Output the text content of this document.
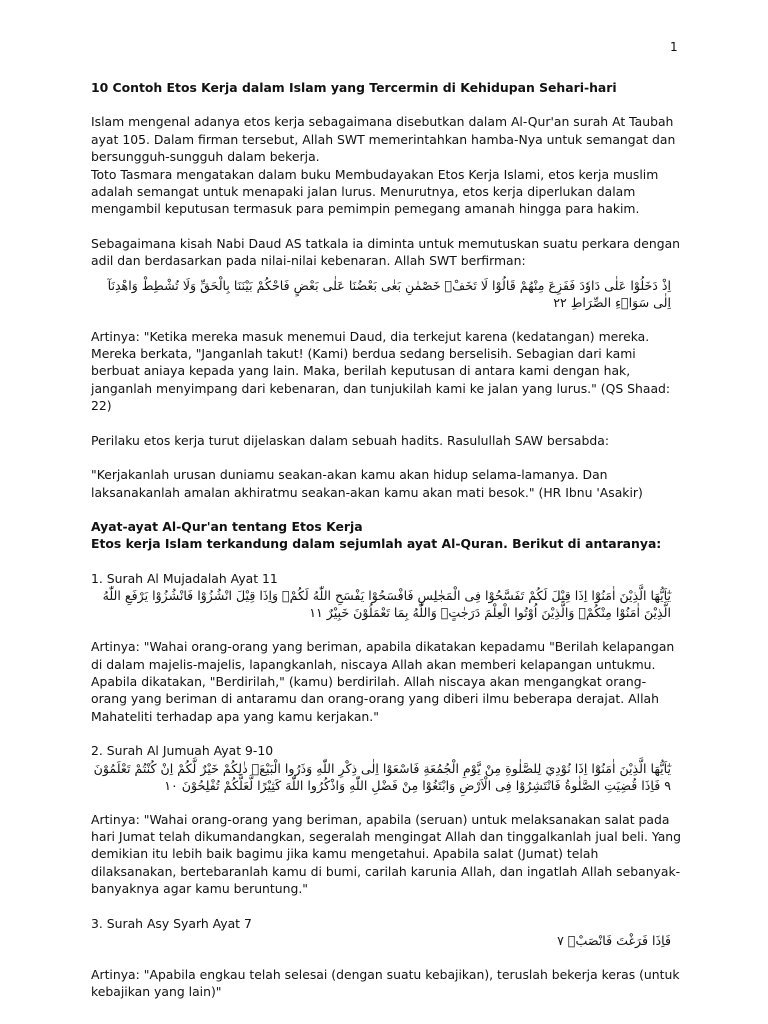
1

10 Contoh Etos Kerja dalam Islam yang Tercermin di Kehidupan Sehari-hari

Islam mengenal adanya etos kerja sebagaimana disebutkan dalam Al-Qur'an surah At Taubah ayat 105. Dalam firman tersebut, Allah SWT memerintahkan hamba-Nya untuk semangat dan bersungguh-sungguh dalam bekerja.

Toto Tasmara mengatakan dalam buku Membudayakan Etos Kerja Islami, etos kerja muslim adalah semangat untuk menapaki jalan lurus. Menurutnya, etos kerja diperlukan dalam mengambil keputusan termasuk para pemimpin pemegang amanah hingga para hakim.

Sebagaimana kisah Nabi Daud AS tatkala ia diminta untuk memutuskan suatu perkara dengan adil dan berdasarkan pada nilai-nilai kebenaran. Allah SWT berfirman:

اِذْ دَخَلُوْا عَلٰى دَاوٗدَ فَفَزِعَ مِنْهُمْ قَالُوْا لَا تَخَفْۚ خَصْمٰنِ بَغٰى بَعْضُنَا عَلٰى بَعْضٍ فَاحْكُمْ بَيْنَنَا بِالْحَقِّ وَلَا تُشْطِطْ وَاهْدِنَآ اِلٰى سَوَاۤءِ الصِّرَاطِ ٢٢

Artinya: "Ketika mereka masuk menemui Daud, dia terkejut karena (kedatangan) mereka. Mereka berkata, "Janganlah takut! (Kami) berdua sedang berselisih. Sebagian dari kami berbuat aniaya kepada yang lain. Maka, berilah keputusan di antara kami dengan hak, janganlah menyimpang dari kebenaran, dan tunjukilah kami ke jalan yang lurus." (QS Shaad: 22)

Perilaku etos kerja turut dijelaskan dalam sebuah hadits. Rasulullah SAW bersabda:

"Kerjakanlah urusan duniamu seakan-akan kamu akan hidup selama-lamanya. Dan laksanakanlah amalan akhiratmu seakan-akan kamu akan mati besok." (HR Ibnu 'Asakir)

Ayat-ayat Al-Qur'an tentang Etos Kerja

Etos kerja Islam terkandung dalam sejumlah ayat Al-Quran. Berikut di antaranya:

1. Surah Al Mujadalah Ayat 11

يٰٓاَيُّهَا الَّذِيْنَ اٰمَنُوْٓا اِذَا قِيْلَ لَكُمْ تَفَسَّحُوْا فِى الْمَجٰلِسِ فَافْسَحُوْا يَفْسَحِ اللّٰهُ لَكُمْۚ وَاِذَا قِيْلَ انْشُزُوْا فَانْشُزُوْا يَرْفَعِ اللّٰهُ الَّذِيْنَ اٰمَنُوْا مِنْكُمْۙ وَالَّذِيْنَ اُوْتُوا الْعِلْمَ دَرَجٰتٍۗ وَاللّٰهُ بِمَا تَعْمَلُوْنَ خَبِيْرٌ ١١

Artinya: "Wahai orang-orang yang beriman, apabila dikatakan kepadamu "Berilah kelapangan di dalam majelis-majelis, lapangkanlah, niscaya Allah akan memberi kelapangan untukmu. Apabila dikatakan, "Berdirilah," (kamu) berdirilah. Allah niscaya akan mengangkat orang-orang yang beriman di antaramu dan orang-orang yang diberi ilmu beberapa derajat. Allah Mahateliti terhadap apa yang kamu kerjakan."

2. Surah Al Jumuah Ayat 9-10

يٰٓاَيُّهَا الَّذِيْنَ اٰمَنُوْٓا اِذَا نُوْدِيَ لِلصَّلٰوةِ مِنْ يَّوْمِ الْجُمُعَةِ فَاسْعَوْا اِلٰى ذِكْرِ اللّٰهِ وَذَرُوا الْبَيْعَۗ ذٰلِكُمْ خَيْرٌ لَّكُمْ اِنْ كُنْتُمْ تَعْلَمُوْنَ ٩ فَاِذَا قُضِيَتِ الصَّلٰوةُ فَانْتَشِرُوْا فِى الْاَرْضِ وَابْتَغُوْا مِنْ فَضْلِ اللّٰهِ وَاذْكُرُوا اللّٰهَ كَثِيْرًا لَّعَلَّكُمْ تُفْلِحُوْنَ ١٠

Artinya: "Wahai orang-orang yang beriman, apabila (seruan) untuk melaksanakan salat pada hari Jumat telah dikumandangkan, segeralah mengingat Allah dan tinggalkanlah jual beli. Yang demikian itu lebih baik bagimu jika kamu mengetahui. Apabila salat (Jumat) telah dilaksanakan, bertebaranlah kamu di bumi, carilah karunia Allah, dan ingatlah Allah sebanyak-banyaknya agar kamu beruntung."

3. Surah Asy Syarh Ayat 7

فَاِذَا فَرَغْتَ فَانْصَبْۙ ٧

Artinya: "Apabila engkau telah selesai (dengan suatu kebajikan), teruslah bekerja keras (untuk kebajikan yang lain)"
